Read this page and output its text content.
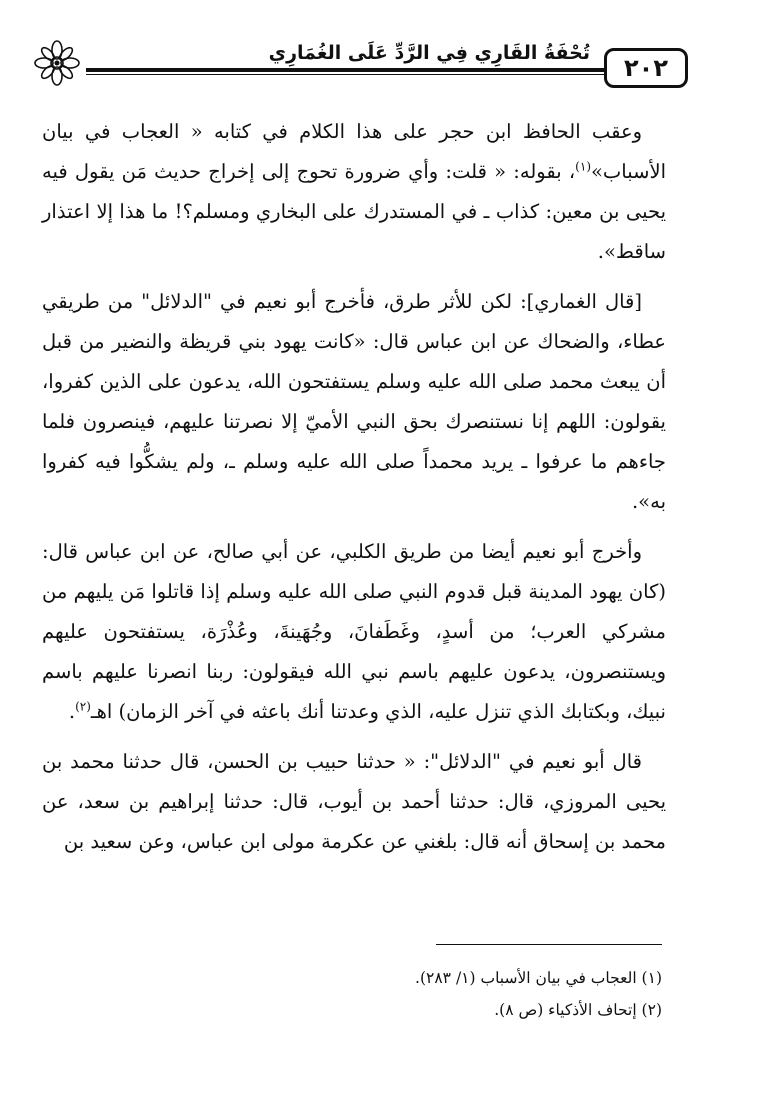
تُحْفَةُ القَارِي فِي الرَّدِّ عَلَى الغُمَارِي
٢٠٢

وعقب الحافظ ابن حجر على هذا الكلام في كتابه « العجاب في بيان الأسباب»$^{(١)}$، بقوله: « قلت: وأي ضرورة تحوج إلى إخراج حديث مَن يقول فيه يحيى بن معين: كذاب ـ في المستدرك على البخاري ومسلم؟! ما هذا إلا اعتذار ساقط».

[قال الغماري]: لكن للأثر طرق، فأخرج أبو نعيم في "الدلائل" من طريقي عطاء، والضحاك عن ابن عباس قال: «كانت يهود بني قريظة والنضير من قبل أن يبعث محمد صلى الله عليه وسلم يستفتحون الله، يدعون على الذين كفروا، يقولون: اللهم إنا نستنصرك بحق النبي الأميّ إلا نصرتنا عليهم، فينصرون فلما جاءهم ما عرفوا ـ يريد محمداً صلى الله عليه وسلم ـ، ولم يشكُّوا فيه كفروا به».

وأخرج أبو نعيم أيضا من طريق الكلبي، عن أبي صالح، عن ابن عباس قال: (كان يهود المدينة قبل قدوم النبي صلى الله عليه وسلم إذا قاتلوا مَن يليهم من مشركي العرب؛ من أسدٍ، وغَطَفانَ، وجُهَينةَ، وعُذْرَة، يستفتحون عليهم ويستنصرون، يدعون عليهم باسم نبي الله فيقولون: ربنا انصرنا عليهم باسم نبيك، وبكتابك الذي تنزل عليه، الذي وعدتنا أنك باعثه في آخر الزمان) اهـ$^{(٢)}$.

قال أبو نعيم في "الدلائل": « حدثنا حبيب بن الحسن، قال حدثنا محمد بن يحيى المروزي، قال: حدثنا أحمد بن أيوب، قال: حدثنا إبراهيم بن سعد، عن محمد بن إسحاق أنه قال: بلغني عن عكرمة مولى ابن عباس، وعن سعيد بن

(١) العجاب في بيان الأسباب (١/ ٢٨٣).
(٢) إتحاف الأذكياء (ص ٨).
